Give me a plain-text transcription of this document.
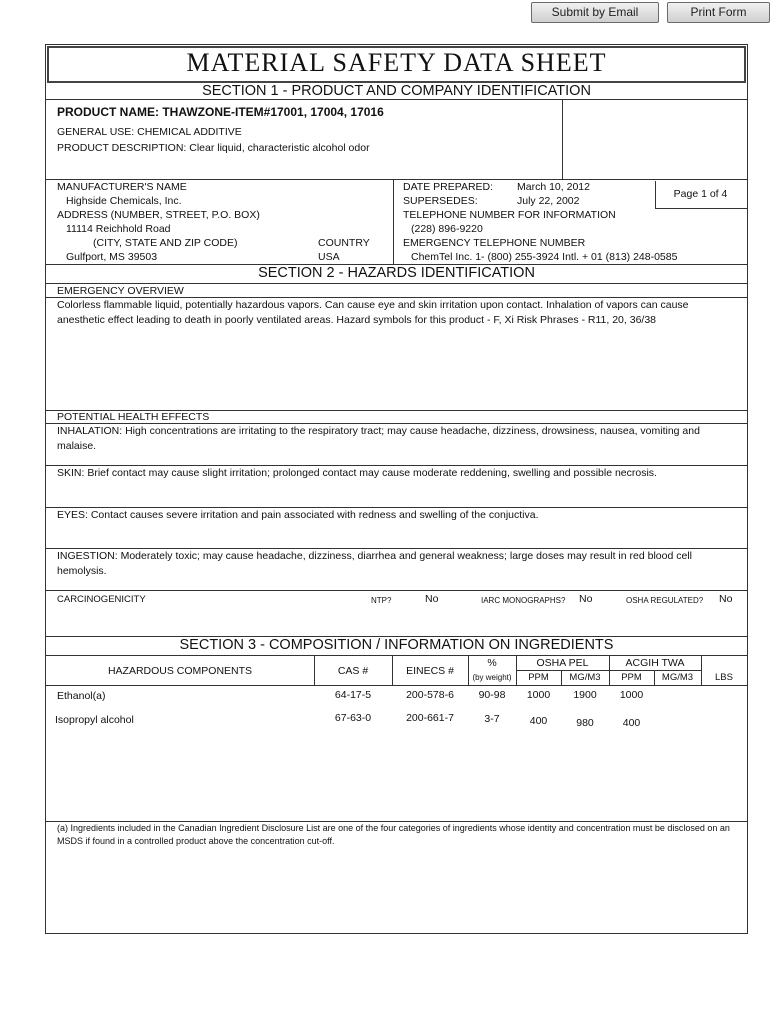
Submit by Email	Print Form
MATERIAL SAFETY DATA SHEET
SECTION 1 - PRODUCT AND COMPANY IDENTIFICATION
PRODUCT NAME: THAWZONE-ITEM#17001, 17004, 17016
GENERAL USE: CHEMICAL ADDITIVE
PRODUCT DESCRIPTION: Clear liquid, characteristic alcohol odor
MANUFACTURER'S NAME
Highside Chemicals, Inc.
ADDRESS (NUMBER, STREET, P.O. BOX)
11114 Reichhold Road
(CITY, STATE AND ZIP CODE)
Gulfport, MS 39503
COUNTRY
USA
DATE PREPARED: March 10, 2012
SUPERSEDES:	July 22, 2002
Page 1 of 4
TELEPHONE NUMBER FOR INFORMATION
(228) 896-9220
EMERGENCY TELEPHONE NUMBER
ChemTel Inc. 1- (800) 255-3924 Intl. + 01 (813) 248-0585
SECTION 2 - HAZARDS IDENTIFICATION
EMERGENCY OVERVIEW
Colorless flammable liquid, potentially hazardous vapors. Can cause eye and skin irritation upon contact. Inhalation of vapors can cause anesthetic effect leading to death in poorly ventilated areas. Hazard symbols for this product - F, Xi Risk Phrases - R11, 20, 36/38
POTENTIAL HEALTH EFFECTS
INHALATION: High concentrations are irritating to the respiratory tract; may cause headache, dizziness, drowsiness, nausea, vomiting and malaise.
SKIN: Brief contact may cause slight irritation; prolonged contact may cause moderate reddening, swelling and possible necrosis.
EYES: Contact causes severe irritation and pain associated with redness and swelling of the conjuctiva.
INGESTION: Moderately toxic; may cause headache, dizziness, diarrhea and general weakness; large doses may result in red blood cell hemolysis.
CARCINOGENICITY	NTP?	No	IARC MONOGRAPHS? No	OSHA REGULATED? No
SECTION 3 - COMPOSITION / INFORMATION ON INGREDIENTS
HAZARDOUS COMPONENTS	CAS #	EINECS #
%
(by weight)
OSHA PEL	ACGIH TWA
PPM	MG/M3	PPM	MG/M3	LBS
Ethanol(a)	64-17-5	200-578-6	90-98	1000	1900	1000
Isopropyl alcohol	67-63-0	200-661-7	3-7	400	980	400
(a) Ingredients included in the Canadian Ingredient Disclosure List are one of the four categories of ingredients whose identity and concentration must be disclosed on an MSDS if found in a controlled product above the concentration cut-off.
